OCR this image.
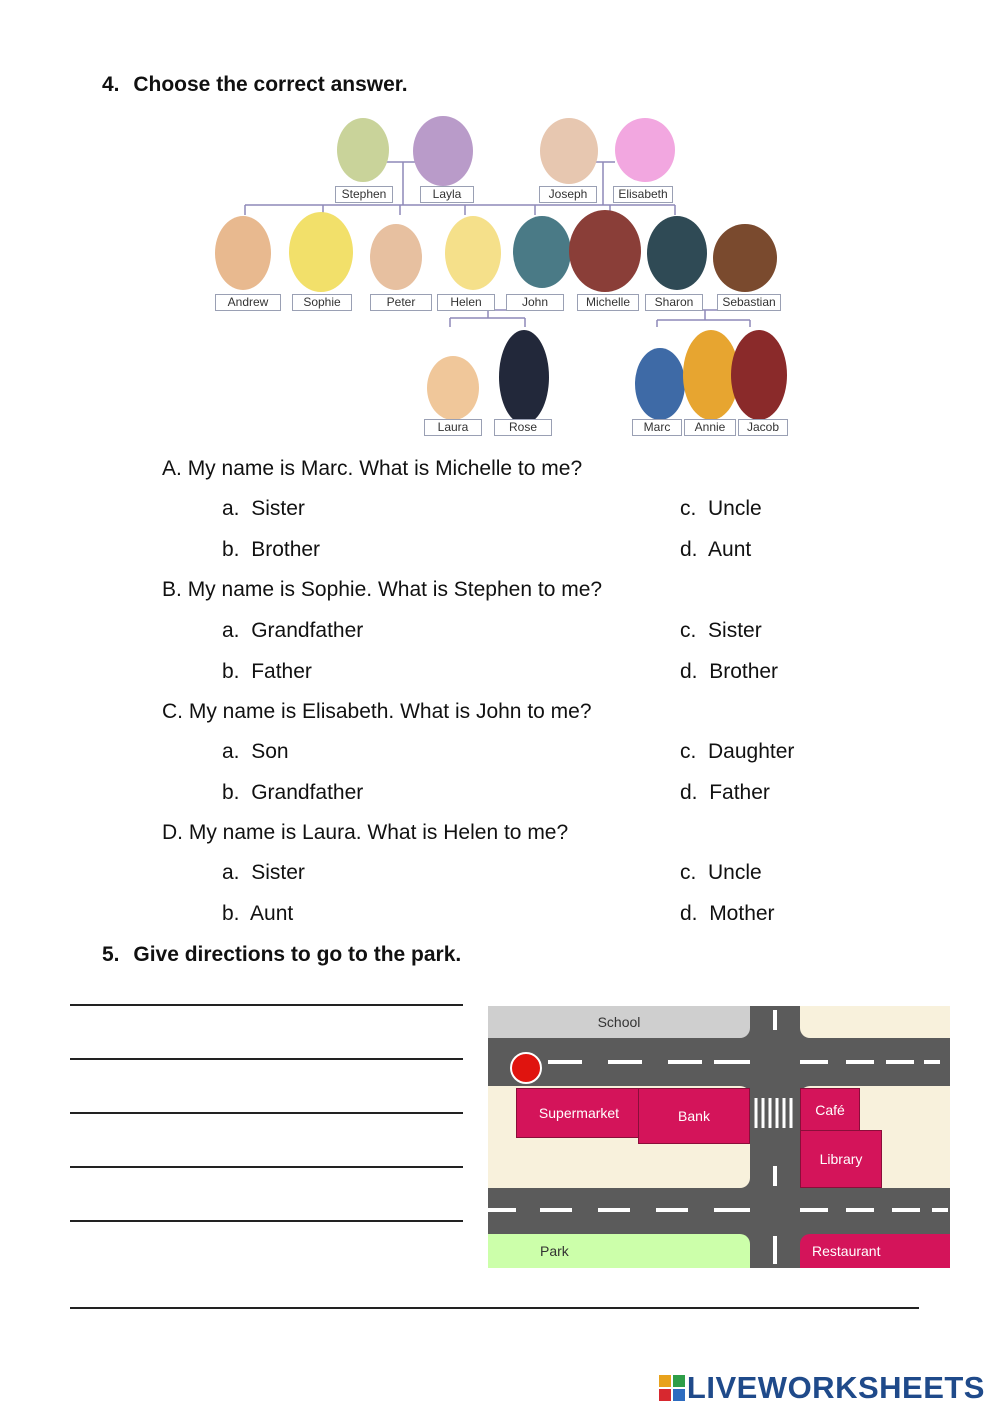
4. Choose the correct answer.
Stephen	Layla	Joseph	Elisabeth
Andrew	Sophie	Peter	Helen	John	Michelle	Sharon	Sebastian
Laura	Rose	Marc	Annie	Jacob
A. My name is Marc. What is Michelle to me?
a. Sister
b. Brother
c. Uncle
d. Aunt
B. My name is Sophie. What is Stephen to me?
a. Grandfather
b. Father
c. Sister
d. Brother
C. My name is Elisabeth. What is John to me?
a. Son
b. Grandfather
c. Daughter
d. Father
D. My name is Laura. What is Helen to me?
a. Sister
b. Aunt
c. Uncle
d. Mother
5. Give directions to go to the park.
School
Park	Restaurant
Supermarket	Bank	Café
Library
LIVEWORKSHEETS
